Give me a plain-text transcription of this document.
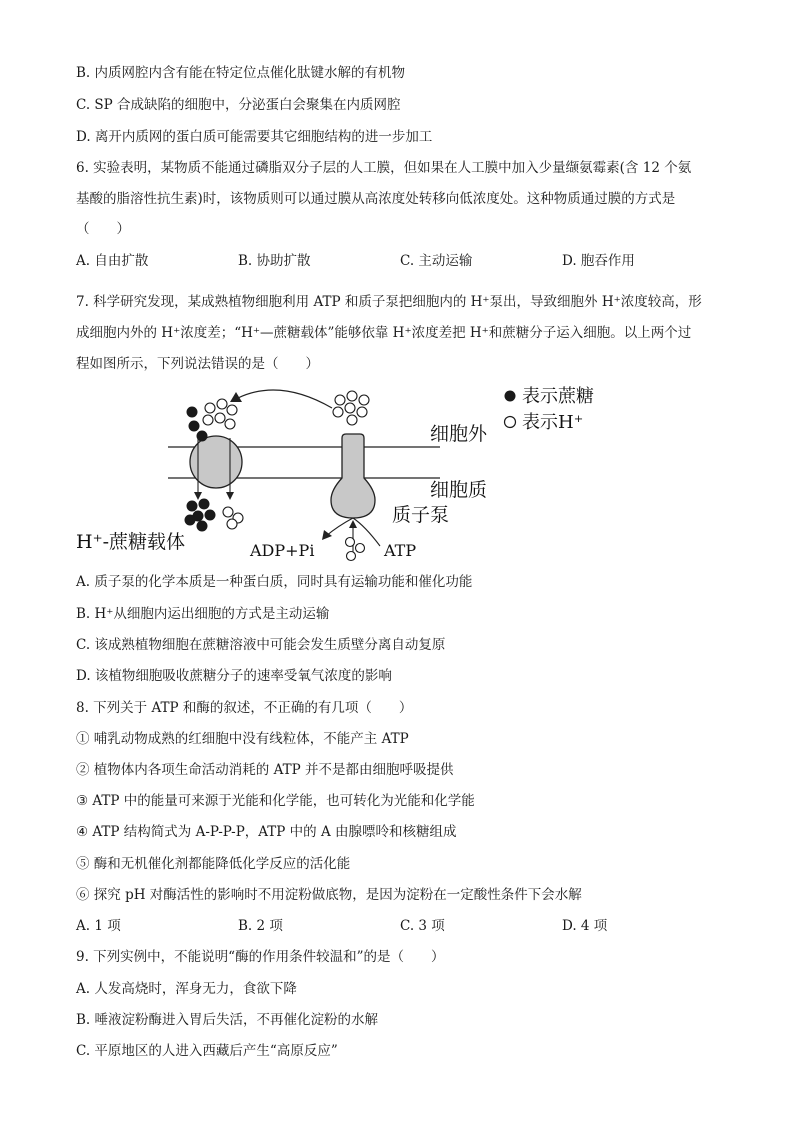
B. 内质网腔内含有能在特定位点催化肽键水解的有机物
C. SP 合成缺陷的细胞中，分泌蛋白会聚集在内质网腔
D. 离开内质网的蛋白质可能需要其它细胞结构的进一步加工
6. 实验表明，某物质不能通过磷脂双分子层的人工膜，但如果在人工膜中加入少量缬氨霉素(含 12 个氨
基酸的脂溶性抗生素)时，该物质则可以通过膜从高浓度处转移向低浓度处。这种物质通过膜的方式是
（　　）
A. 自由扩散	B. 协助扩散	C. 主动运输	D. 胞吞作用
7. 科学研究发现，某成熟植物细胞利用 ATP 和质子泵把细胞内的 H⁺泵出，导致细胞外 H⁺浓度较高，形
成细胞内外的 H⁺浓度差；“H⁺—蔗糖载体”能够依靠 H⁺浓度差把 H⁺和蔗糖分子运入细胞。以上两个过
程如图所示，下列说法错误的是（　　）
表示蔗糖
表示H⁺
细胞外
细胞质
质子泵
H⁺-蔗糖载体	ADP+Pi	ATP
A. 质子泵的化学本质是一种蛋白质，同时具有运输功能和催化功能
B. H⁺从细胞内运出细胞的方式是主动运输
C. 该成熟植物细胞在蔗糖溶液中可能会发生质壁分离自动复原
D. 该植物细胞吸收蔗糖分子的速率受氧气浓度的影响
8. 下列关于 ATP 和酶的叙述，不正确的有几项（　　）
① 哺乳动物成熟的红细胞中没有线粒体，不能产主 ATP
② 植物体内各项生命活动消耗的 ATP 并不是都由细胞呼吸提供
③ ATP 中的能量可来源于光能和化学能，也可转化为光能和化学能
④ ATP 结构简式为 A-P-P-P，ATP 中的 A 由腺嘌呤和核糖组成
⑤ 酶和无机催化剂都能降低化学反应的活化能
⑥ 探究 pH 对酶活性的影响时不用淀粉做底物，是因为淀粉在一定酸性条件下会水解
A. 1 项	B. 2 项	C. 3 项	D. 4 项
9. 下列实例中，不能说明“酶的作用条件较温和”的是（　　）
A. 人发高烧时，浑身无力，食欲下降
B. 唾液淀粉酶进入胃后失活，不再催化淀粉的水解
C. 平原地区的人进入西藏后产生“高原反应”
